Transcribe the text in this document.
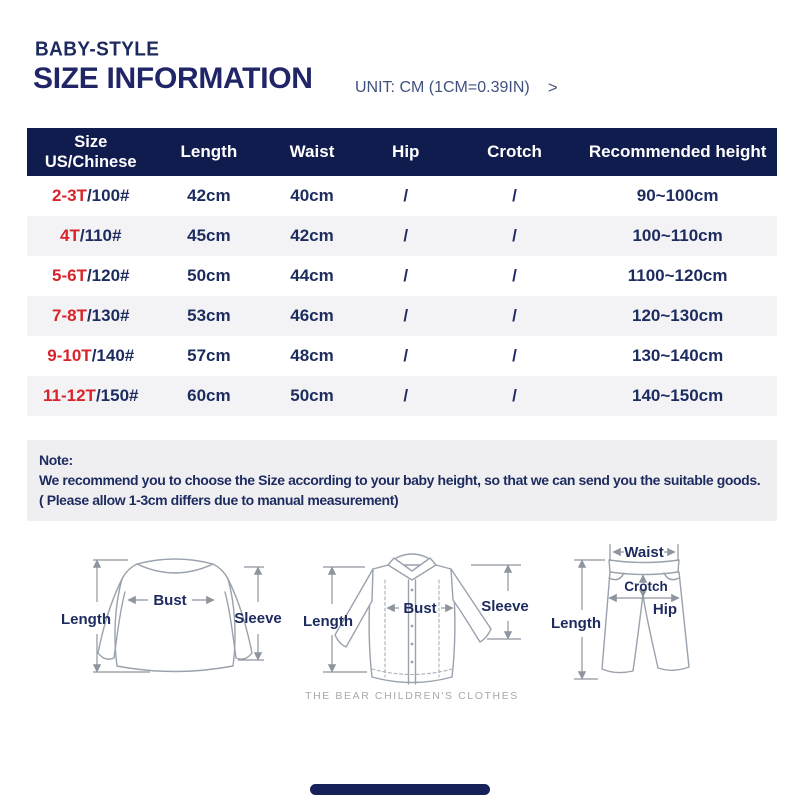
BABY-STYLE
SIZE INFORMATION	UNIT: CM (1CM=0.39IN) >
Size
US/Chinese
Length	Waist	Hip	Crotch	Recommended height
2-3T/100#	42cm	40cm	/	/	90~100cm
4T/110#	45cm	42cm	/	/	100~110cm
5-6T/120#	50cm	44cm	/	/	1100~120cm
7-8T/130#	53cm	46cm	/	/	120~130cm
9-10T/140#	57cm	48cm	/	/	130~140cm
11-12T/150#	60cm	50cm	/	/	140~150cm

Note:

We recommend you to choose the Size according to your baby height, so that we can send you the suitable goods.

( Please allow 1-3cm differs due to manual measurement)

Length
Bust
Sleeve Length
Bust	Sleeve
THE BEAR CHILDREN'S CLOTHES
Waist
Crotch
Hip
Length
